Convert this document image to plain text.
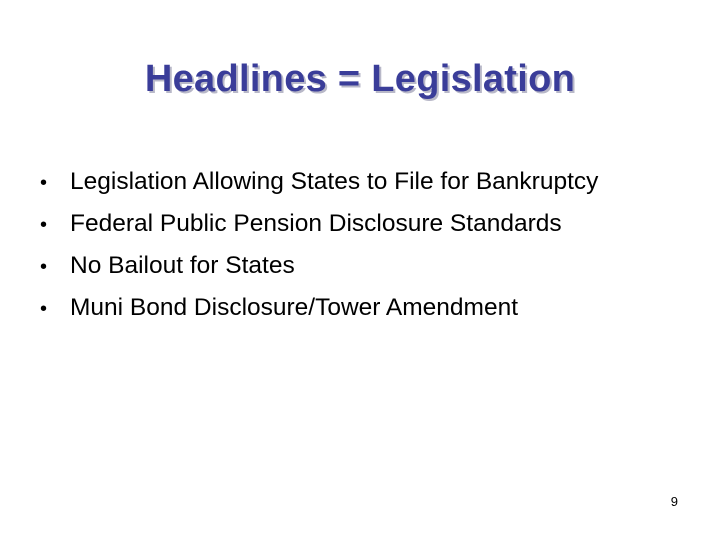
Headlines = Legislation
• Legislation Allowing States to File for Bankruptcy
• Federal Public Pension Disclosure Standards
• No Bailout for States
• Muni Bond Disclosure/Tower Amendment
9
